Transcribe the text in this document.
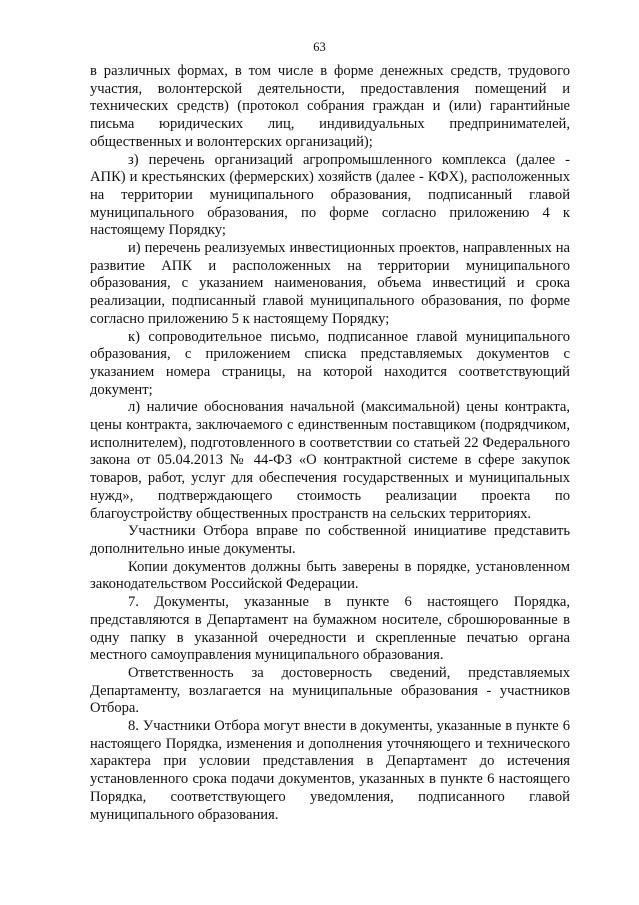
63

в различных формах, в том числе в форме денежных средств, трудового участия, волонтерской деятельности, предоставления помещений и технических средств) (протокол собрания граждан и (или) гарантийные письма юридических лиц, индивидуальных предпринимателей, общественных и волонтерских организаций);

з) перечень организаций агропромышленного комплекса (далее - АПК) и крестьянских (фермерских) хозяйств (далее - КФХ), расположенных на территории муниципального образования, подписанный главой муниципального образования, по форме согласно приложению 4 к настоящему Порядку;

и) перечень реализуемых инвестиционных проектов, направленных на развитие АПК и расположенных на территории муниципального образования, с указанием наименования, объема инвестиций и срока реализации, подписанный главой муниципального образования, по форме согласно приложению 5 к настоящему Порядку;

к) сопроводительное письмо, подписанное главой муниципального образования, с приложением списка представляемых документов с указанием номера страницы, на которой находится соответствующий документ;

л) наличие обоснования начальной (максимальной) цены контракта, цены контракта, заключаемого с единственным поставщиком (подрядчиком, исполнителем), подготовленного в соответствии со статьей 22 Федерального закона от 05.04.2013 № 44-ФЗ «О контрактной системе в сфере закупок товаров, работ, услуг для обеспечения государственных и муниципальных нужд», подтверждающего стоимость реализации проекта по благоустройству общественных пространств на сельских территориях.

Участники Отбора вправе по собственной инициативе представить дополнительно иные документы.

Копии документов должны быть заверены в порядке, установленном законодательством Российской Федерации.

7. Документы, указанные в пункте 6 настоящего Порядка, представляются в Департамент на бумажном носителе, сброшюрованные в одну папку в указанной очередности и скрепленные печатью органа местного самоуправления муниципального образования.

Ответственность за достоверность сведений, представляемых Департаменту, возлагается на муниципальные образования - участников Отбора.

8. Участники Отбора могут внести в документы, указанные в пункте 6 настоящего Порядка, изменения и дополнения уточняющего и технического характера при условии представления в Департамент до истечения установленного срока подачи документов, указанных в пункте 6 настоящего Порядка, соответствующего уведомления, подписанного главой муниципального образования.
